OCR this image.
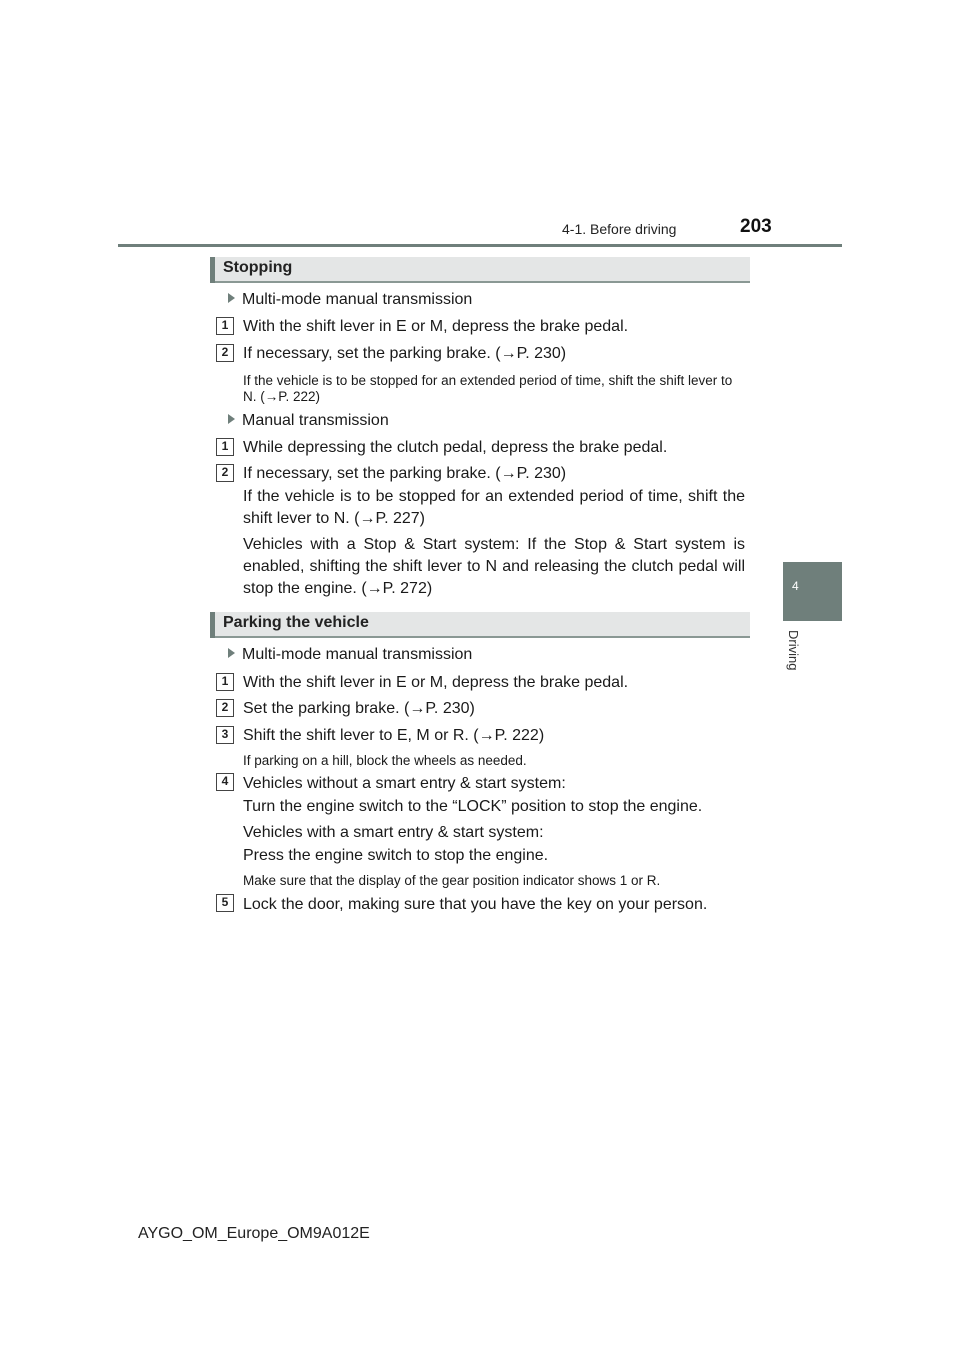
4-1. Before driving	203
4
Driving
Stopping
Multi-mode manual transmission
1 With the shift lever in E or M, depress the brake pedal.
2 If necessary, set the parking brake. (→P. 230)
If the vehicle is to be stopped for an extended period of time, shift the shift lever to N. (→P. 222)
Manual transmission
1 While depressing the clutch pedal, depress the brake pedal.
2 If necessary, set the parking brake. (→P. 230)
If the vehicle is to be stopped for an extended period of time, shift the shift lever to N. (→P. 227)
Vehicles with a Stop & Start system: If the Stop & Start system is enabled, shifting the shift lever to N and releasing the clutch pedal will stop the engine. (→P. 272)
Parking the vehicle
Multi-mode manual transmission
1 With the shift lever in E or M, depress the brake pedal.
2 Set the parking brake. (→P. 230)
3 Shift the shift lever to E, M or R. (→P. 222)
If parking on a hill, block the wheels as needed.
4 Vehicles without a smart entry & start system:
Turn the engine switch to the “LOCK” position to stop the engine.
Vehicles with a smart entry & start system:
Press the engine switch to stop the engine.
Make sure that the display of the gear position indicator shows 1 or R.
5 Lock the door, making sure that you have the key on your person.
AYGO_OM_Europe_OM9A012E
